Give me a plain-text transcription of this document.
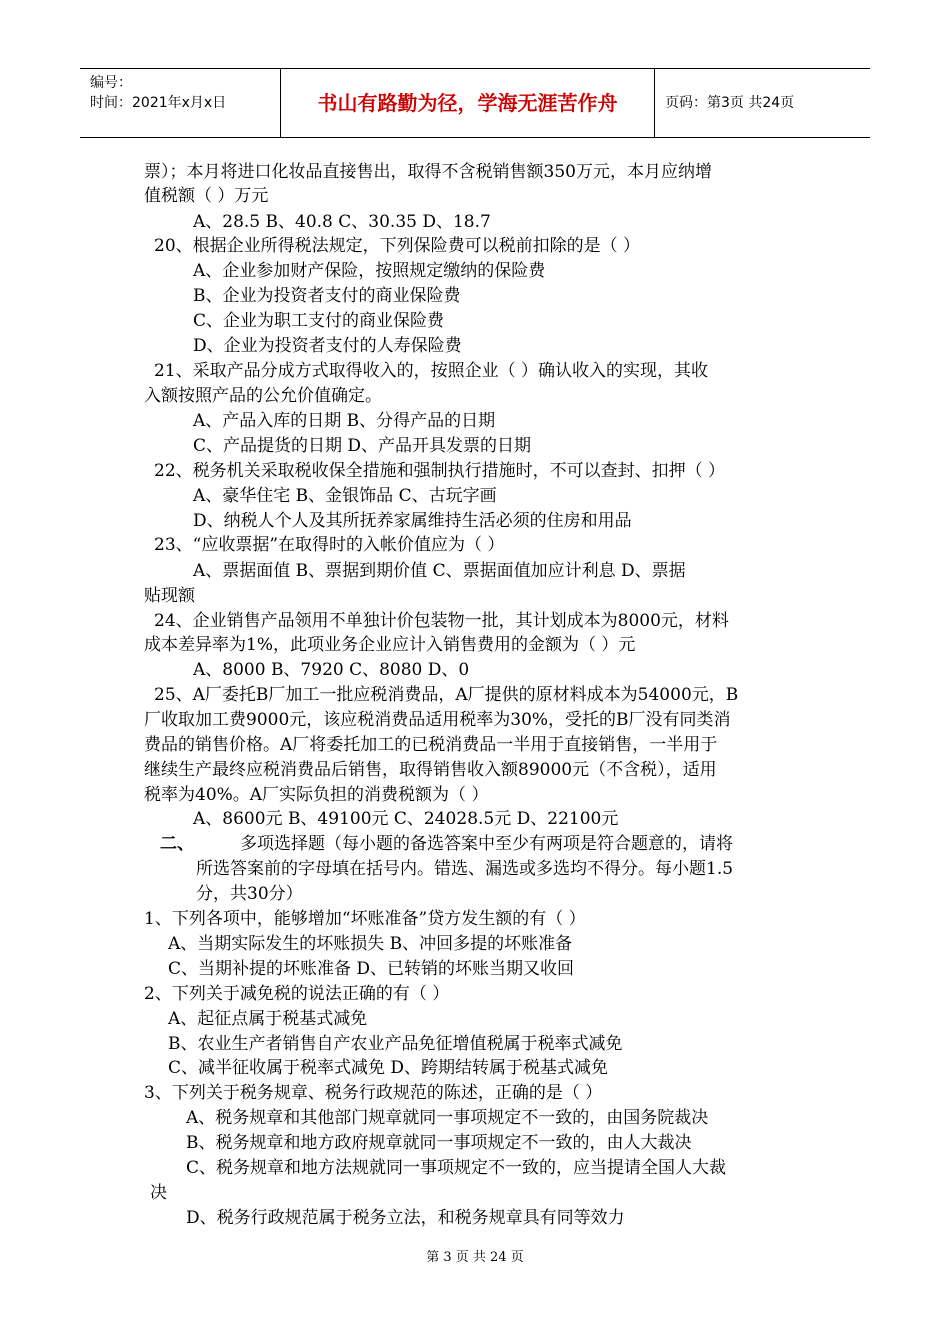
编号：
时间：2021年x月x日	书山有路勤为径，学海无涯苦作舟	页码：第3页 共24页
票）；本月将进口化妆品直接售出，取得不含税销售额350万元，本月应纳增
值税额（ ）万元
A、28.5 B、40.8 C、30.35 D、18.7
20、根据企业所得税法规定，下列保险费可以税前扣除的是（ ）
A、企业参加财产保险，按照规定缴纳的保险费
B、企业为投资者支付的商业保险费
C、企业为职工支付的商业保险费
D、企业为投资者支付的人寿保险费
21、采取产品分成方式取得收入的，按照企业（ ）确认收入的实现，其收
入额按照产品的公允价值确定。
A、产品入库的日期 B、分得产品的日期
C、产品提货的日期 D、产品开具发票的日期
22、税务机关采取税收保全措施和强制执行措施时，不可以查封、扣押（ ）
A、豪华住宅 B、金银饰品 C、古玩字画
D、纳税人个人及其所抚养家属维持生活必须的住房和用品
23、“应收票据”在取得时的入帐价值应为（ ）
A、票据面值 B、票据到期价值 C、票据面值加应计利息 D、票据
贴现额
24、企业销售产品领用不单独计价包装物一批，其计划成本为8000元，材料
成本差异率为1%，此项业务企业应计入销售费用的金额为（ ）元
A、8000 B、7920 C、8080 D、0
25、A厂委托B厂加工一批应税消费品，A厂提供的原材料成本为54000元，B
厂收取加工费9000元，该应税消费品适用税率为30%，受托的B厂没有同类消
费品的销售价格。A厂将委托加工的已税消费品一半用于直接销售，一半用于
继续生产最终应税消费品后销售，取得销售收入额89000元（不含税），适用
税率为40%。A厂实际负担的消费税额为（ ）
A、8600元 B、49100元 C、24028.5元 D、22100元
二、	多项选择题（每小题的备选答案中至少有两项是符合题意的，请将
所选答案前的字母填在括号内。错选、漏选或多选均不得分。每小题1.5
分，共30分）
1、下列各项中，能够增加“坏账准备”贷方发生额的有（ ）
A、当期实际发生的坏账损失 B、冲回多提的坏账准备
C、当期补提的坏账准备 D、已转销的坏账当期又收回
2、下列关于减免税的说法正确的有（ ）
A、起征点属于税基式减免
B、农业生产者销售自产农业产品免征增值税属于税率式减免
C、减半征收属于税率式减免 D、跨期结转属于税基式减免
3、下列关于税务规章、税务行政规范的陈述，正确的是（ ）
A、税务规章和其他部门规章就同一事项规定不一致的，由国务院裁决
B、税务规章和地方政府规章就同一事项规定不一致的，由人大裁决
C、税务规章和地方法规就同一事项规定不一致的，应当提请全国人大裁
决
D、税务行政规范属于税务立法，和税务规章具有同等效力
第 3 页 共 24 页
